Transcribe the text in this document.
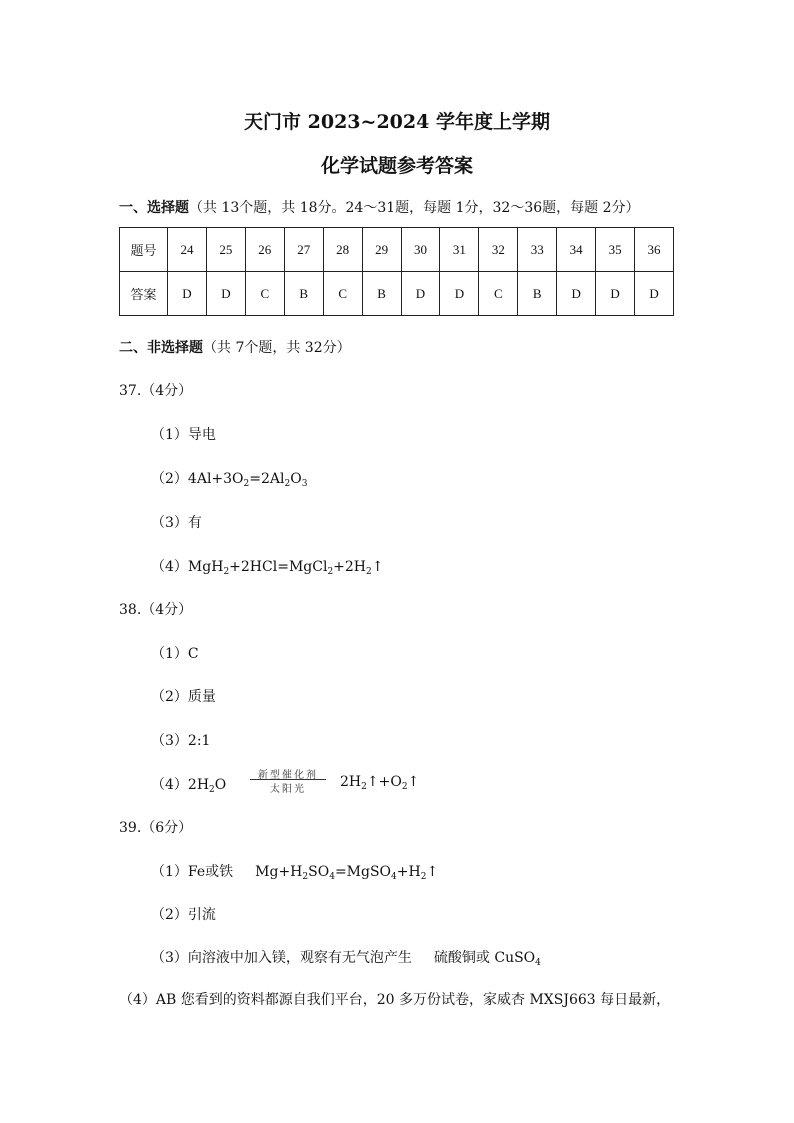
天门市 2023~2024 学年度上学期
化学试题参考答案
一、选择题（共 13个题，共 18分。24～31题，每题 1分，32～36题，每题 2分）
题号	24	25	26	27	28	29	30	31	32	33	34	35	36
答案	D	D	C	B	C	B	D	D	C	B	D	D	D
二、非选择题（共 7个题，共 32分）
37.（4分）
（1）导电
$(2)4Al+3O_2=2Al_2O_3$
（3）有
$(4)MgH_2+2HCl=MgCl_2+2H_2↑$
38.（4分）
（1）C
（2）质量
（3）2:1
$(4)2H_2O$
新型催化剂
太阳光	$2H_2↑+O_2↑$
39.（6分）
（1）Fe或铁 $Mg+H_2SO_4=MgSO_4+H_2↑$
（2）引流
（3）向溶液中加入镁，观察有无气泡产生 硫酸铜或 CuSO$_4$
（4）AB 您看到的资料都源自我们平台，20 多万份试卷，家威杏 MXSJ663 每日最新，
